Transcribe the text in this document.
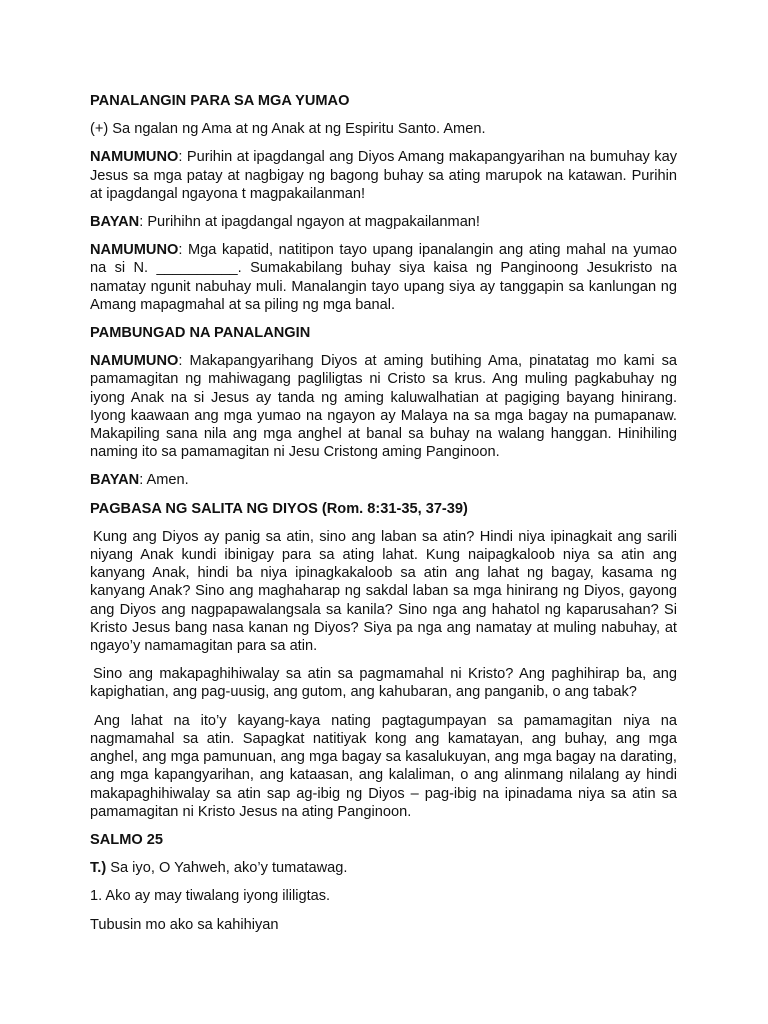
PANALANGIN PARA SA MGA YUMAO

(+) Sa ngalan ng Ama at ng Anak at ng Espiritu Santo. Amen.

NAMUMUNO: Purihin at ipagdangal ang Diyos Amang makapangyarihan na bumuhay kay Jesus sa mga patay at nagbigay ng bagong buhay sa ating marupok na katawan. Purihin at ipagdangal ngayona t magpakailanman!

BAYAN: Purihihn at ipagdangal ngayon at magpakailanman!

NAMUMUNO: Mga kapatid, natitipon tayo upang ipanalangin ang ating mahal na yumao na si N. __________. Sumakabilang buhay siya kaisa ng Panginoong Jesukristo na namatay ngunit nabuhay muli. Manalangin tayo upang siya ay tanggapin sa kanlungan ng Amang mapagmahal at sa piling ng mga banal.

PAMBUNGAD NA PANALANGIN

NAMUMUNO: Makapangyarihang Diyos at aming butihing Ama, pinatatag mo kami sa pamamagitan ng mahiwagang pagliligtas ni Cristo sa krus. Ang muling pagkabuhay ng iyong Anak na si Jesus ay tanda ng aming kaluwalhatian at pagiging bayang hinirang. Iyong kaawaan ang mga yumao na ngayon ay Malaya na sa mga bagay na pumapanaw. Makapiling sana nila ang mga anghel at banal sa buhay na walang hanggan. Hinihiling naming ito sa pamamagitan ni Jesu Cristong aming Panginoon.

BAYAN: Amen.

PAGBASA NG SALITA NG DIYOS (Rom. 8:31-35, 37-39)

Kung ang Diyos ay panig sa atin, sino ang laban sa atin? Hindi niya ipinagkait ang sarili niyang Anak kundi ibinigay para sa ating lahat. Kung naipagkaloob niya sa atin ang kanyang Anak, hindi ba niya ipinagkakaloob sa atin ang lahat ng bagay, kasama ng kanyang Anak? Sino ang maghaharap ng sakdal laban sa mga hinirang ng Diyos, gayong ang Diyos ang nagpapawalangsala sa kanila? Sino nga ang hahatol ng kaparusahan? Si Kristo Jesus bang nasa kanan ng Diyos? Siya pa nga ang namatay at muling nabuhay, at ngayo’y namamagitan para sa atin.

Sino ang makapaghihiwalay sa atin sa pagmamahal ni Kristo? Ang paghihirap ba, ang kapighatian, ang pag-uusig, ang gutom, ang kahubaran, ang panganib, o ang tabak?

Ang lahat na ito’y kayang-kaya nating pagtagumpayan sa pamamagitan niya na nagmamahal sa atin. Sapagkat natitiyak kong ang kamatayan, ang buhay, ang mga anghel, ang mga pamunuan, ang mga bagay sa kasalukuyan, ang mga bagay na darating, ang mga kapangyarihan, ang kataasan, ang kalaliman, o ang alinmang nilalang ay hindi makapaghihiwalay sa atin sap ag-ibig ng Diyos – pag-ibig na ipinadama niya sa atin sa pamamagitan ni Kristo Jesus na ating Panginoon.

SALMO 25

T.) Sa iyo, O Yahweh, ako’y tumatawag.

1. Ako ay may tiwalang iyong ililigtas.

Tubusin mo ako sa kahihiyan
